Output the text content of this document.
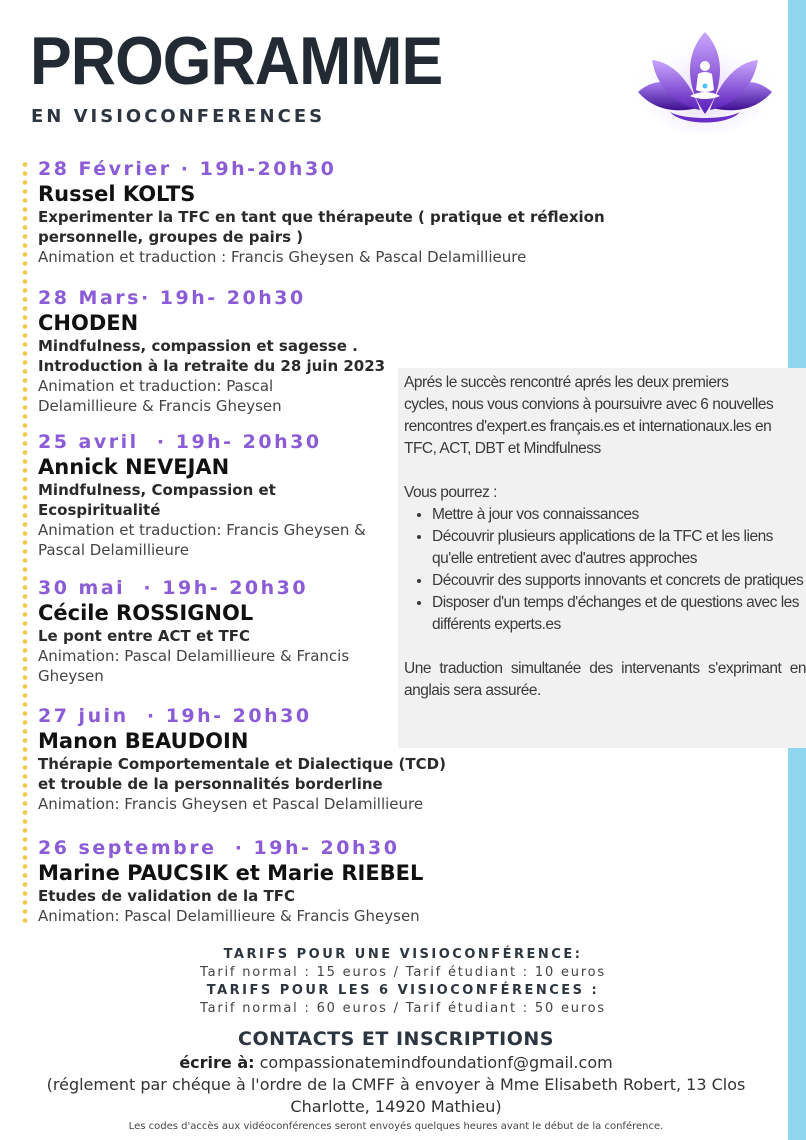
PROGRAMME
EN VISIOCONFERENCES
28 Février · 19h-20h30
Russel KOLTS
Experimenter la TFC en tant que thérapeute ( pratique et réflexion
personnelle, groupes de pairs )
Animation et traduction : Francis Gheysen & Pascal Delamillieure
28 Mars· 19h- 20h30
CHODEN
Mindfulness, compassion et sagesse .
Introduction à la retraite du 28 juin 2023
Animation et traduction: Pascal
Delamillieure & Francis Gheysen
25 avril  · 19h- 20h30
Annick NEVEJAN
Mindfulness, Compassion et
Ecospiritualité
Animation et traduction: Francis Gheysen &
Pascal Delamillieure
30 mai  · 19h- 20h30
Cécile ROSSIGNOL
Le pont entre ACT et TFC
Animation: Pascal Delamillieure & Francis
Gheysen
27 juin  · 19h- 20h30
Manon BEAUDOIN
Thérapie Comportementale et Dialectique (TCD)
et trouble de la personnalités borderline
Animation: Francis Gheysen et Pascal Delamillieure
26 septembre  · 19h- 20h30
Marine PAUCSIK et Marie RIEBEL
Etudes de validation de la TFC
Animation: Pascal Delamillieure & Francis Gheysen

Aprés le succès rencontré aprés les deux premiers

cycles, nous vous convions à poursuivre avec 6 nouvelles

rencontres d'expert.es français.es et internationaux.les en

TFC, ACT, DBT et Mindfulness

Vous pourrez :

• Mettre à jour vos connaissances
• Découvrir plusieurs applications de la TFC et les liens qu'elle entretient avec d'autres approches
• Découvrir des supports innovants et concrets de pratiques
• Disposer d'un temps d'échanges et de questions avec les différents experts.es

Une traduction simultanée des intervenants s'exprimant en anglais sera assurée.

TARIFS POUR UNE VISIOCONFÉRENCE:
Tarif normal : 15 euros / Tarif étudiant : 10 euros
TARIFS POUR LES 6 VISIOCONFÉRENCES :
Tarif normal : 60 euros / Tarif étudiant : 50 euros
CONTACTS ET INSCRIPTIONS
écrire à: compassionatemindfoundationf@gmail.com
(réglement par chéque à l'ordre de la CMFF à envoyer à Mme Elisabeth Robert, 13 Clos
Charlotte, 14920 Mathieu)
Les codes d'accès aux vidéoconférences seront envoyés quelques heures avant le début de la conférence.
